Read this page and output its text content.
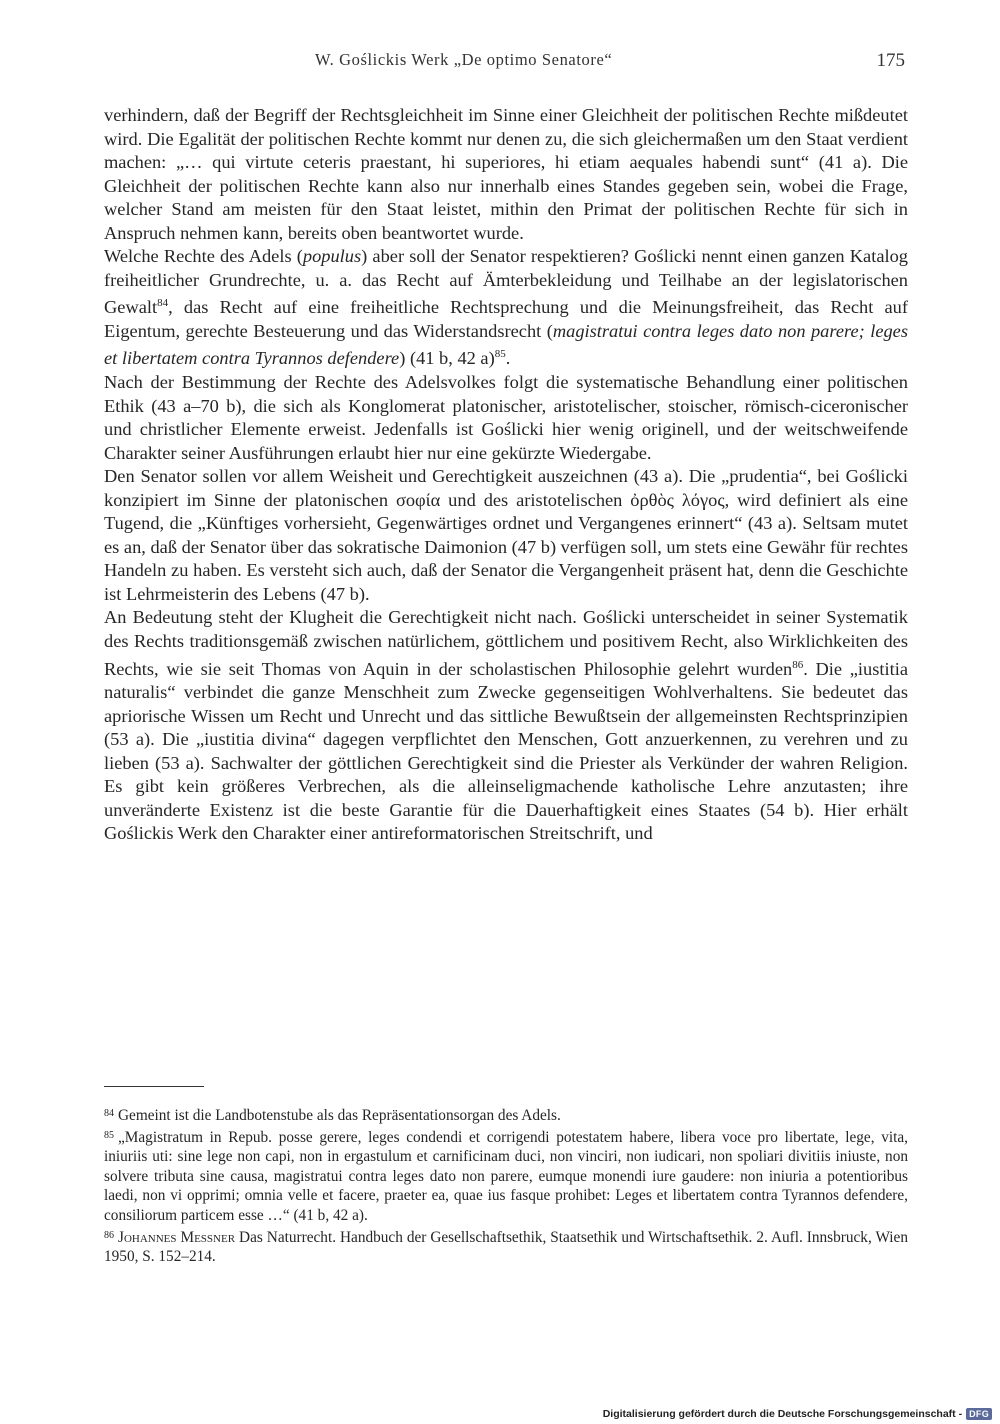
W. Goślickis Werk „De optimo Senatore“	175

verhindern, daß der Begriff der Rechtsgleichheit im Sinne einer Gleichheit der politischen Rechte mißdeutet wird. Die Egalität der politischen Rechte kommt nur denen zu, die sich gleichermaßen um den Staat verdient machen: „… qui virtute ceteris praestant, hi superiores, hi etiam aequales habendi sunt“ (41 a). Die Gleichheit der politischen Rechte kann also nur innerhalb eines Standes gegeben sein, wobei die Frage, welcher Stand am meisten für den Staat leistet, mithin den Primat der politischen Rechte für sich in Anspruch nehmen kann, bereits oben beantwortet wurde.

Welche Rechte des Adels (populus) aber soll der Senator respektieren? Goślicki nennt einen ganzen Katalog freiheitlicher Grundrechte, u. a. das Recht auf Ämterbekleidung und Teilhabe an der legislatorischen Gewalt$^{84}$, das Recht auf eine freiheitliche Rechtsprechung und die Meinungsfreiheit, das Recht auf Eigentum, gerechte Besteuerung und das Widerstandsrecht (magistratui contra leges dato non parere; leges et libertatem contra Tyrannos defendere) (41 b, 42 a)$^{85}$.

Nach der Bestimmung der Rechte des Adelsvolkes folgt die systematische Behandlung einer politischen Ethik (43 a–70 b), die sich als Konglomerat platonischer, aristotelischer, stoischer, römisch-ciceronischer und christlicher Elemente erweist. Jedenfalls ist Goślicki hier wenig originell, und der weitschweifende Charakter seiner Ausführungen erlaubt hier nur eine gekürzte Wiedergabe.

Den Senator sollen vor allem Weisheit und Gerechtigkeit auszeichnen (43 a). Die „prudentia“, bei Goślicki konzipiert im Sinne der platonischen σοφία und des aristotelischen ὀρθὸς λόγος, wird definiert als eine Tugend, die „Künftiges vorhersieht, Gegenwärtiges ordnet und Vergangenes erinnert“ (43 a). Seltsam mutet es an, daß der Senator über das sokratische Daimonion (47 b) verfügen soll, um stets eine Gewähr für rechtes Handeln zu haben. Es versteht sich auch, daß der Senator die Vergangenheit präsent hat, denn die Geschichte ist Lehrmeisterin des Lebens (47 b).

An Bedeutung steht der Klugheit die Gerechtigkeit nicht nach. Goślicki unterscheidet in seiner Systematik des Rechts traditionsgemäß zwischen natürlichem, göttlichem und positivem Recht, also Wirklichkeiten des Rechts, wie sie seit Thomas von Aquin in der scholastischen Philosophie gelehrt wurden$^{86}$. Die „iustitia naturalis“ verbindet die ganze Menschheit zum Zwecke gegenseitigen Wohlverhaltens. Sie bedeutet das apriorische Wissen um Recht und Unrecht und das sittliche Bewußtsein der allgemeinsten Rechtsprinzipien (53 a). Die „iustitia divina“ dagegen verpflichtet den Menschen, Gott anzuerkennen, zu verehren und zu lieben (53 a). Sachwalter der göttlichen Gerechtigkeit sind die Priester als Verkünder der wahren Religion. Es gibt kein größeres Verbrechen, als die alleinseligmachende katholische Lehre anzutasten; ihre unveränderte Existenz ist die beste Garantie für die Dauerhaftigkeit eines Staates (54 b). Hier erhält Goślickis Werk den Charakter einer antireformatorischen Streitschrift, und

$^{84}$ Gemeint ist die Landbotenstube als das Repräsentationsorgan des Adels.

$^{85}$ „Magistratum in Repub. posse gerere, leges condendi et corrigendi potestatem habere, libera voce pro libertate, lege, vita, iniuriis uti: sine lege non capi, non in ergastulum et carnificinam duci, non vinciri, non iudicari, non spoliari divitiis iniuste, non solvere tributa sine causa, magistratui contra leges dato non parere, eumque monendi iure gaudere: non iniuria a potentioribus laedi, non vi opprimi; omnia velle et facere, praeter ea, quae ius fasque prohibet: Leges et libertatem contra Tyrannos defendere, consiliorum particem esse …“ (41 b, 42 a).

$^{86}$ Johannes Messner Das Naturrecht. Handbuch der Gesellschaftsethik, Staatsethik und Wirtschaftsethik. 2. Aufl. Innsbruck, Wien 1950, S. 152–214.

Digitalisierung gefördert durch die Deutsche Forschungsgemeinschaft - DFG
